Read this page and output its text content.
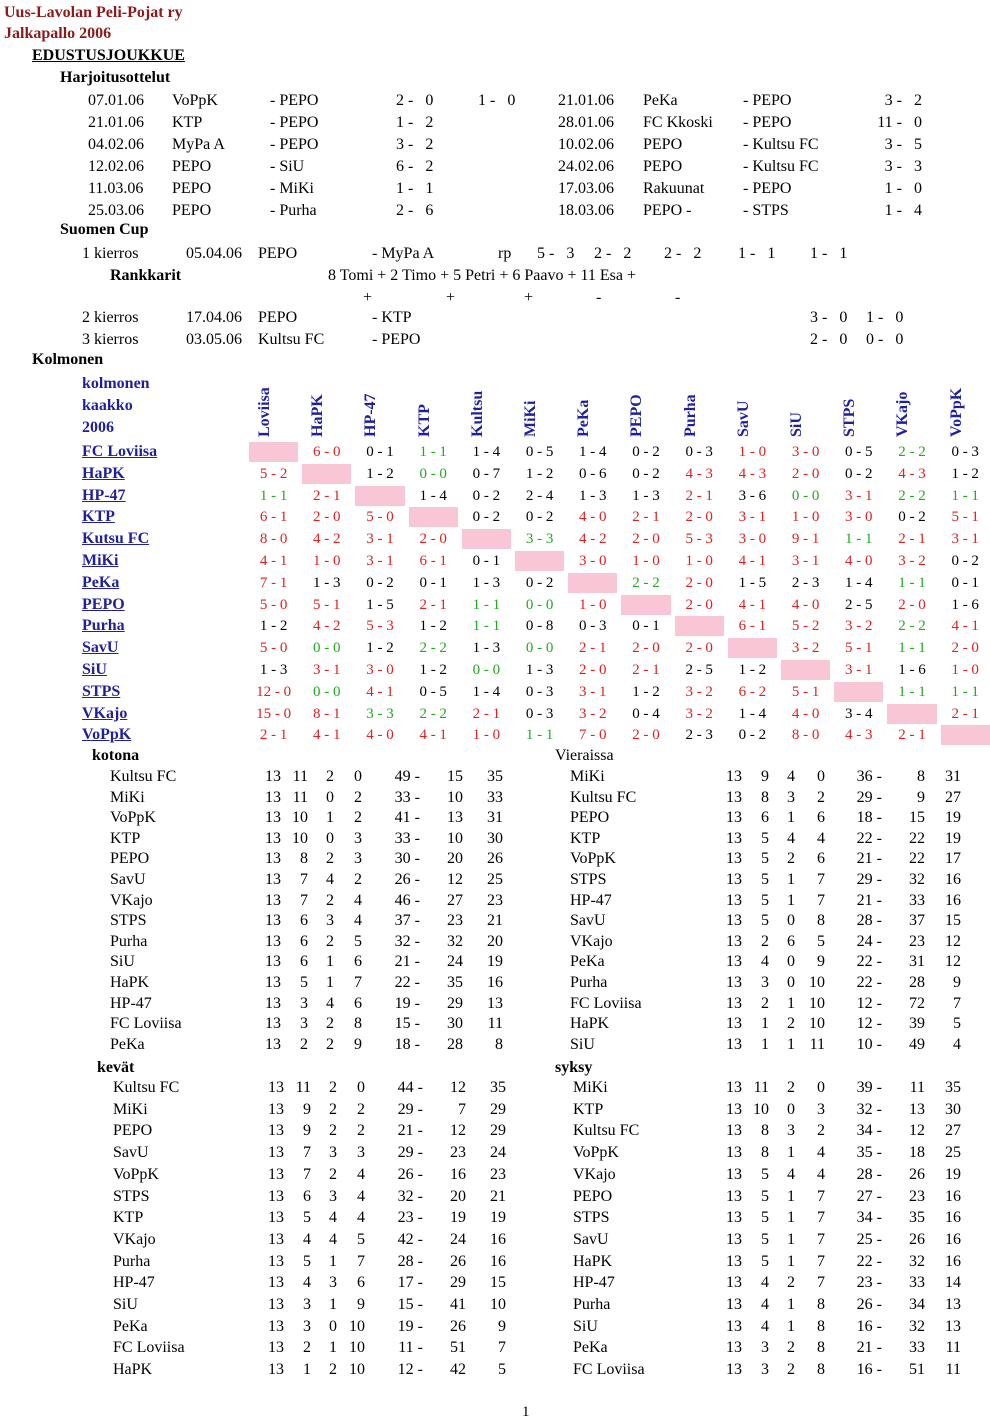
Uus-Lavolan Peli-Pojat ry
Jalkapallo 2006
EDUSTUSJOUKKUE
Harjoitusottelut
07.01.06 VoPpK	- PEPO	2 -   0	1 -   0
21.01.06 KTP	- PEPO	1 -   2
04.02.06 MyPa A	- PEPO	3 -   2
12.02.06 PEPO	- SiU	6 -   2
11.03.06 PEPO	- MiKi	1 -   1
25.03.06 PEPO	- Purha	2 -   6
21.01.06 PeKa	- PEPO	3 -   2
28.01.06 FC Kkoski - PEPO	11 -   0
10.02.06 PEPO	- Kultsu FC	3 -   5
24.02.06 PEPO	- Kultsu FC	3 -   3
17.03.06 Rakuunat - PEPO	1 -   0
18.03.06 PEPO -	- STPS	1 -   4
Suomen Cup
1 kierros	05.04.06 PEPO	- MyPa A	rp 5 -   3 2 -   2 2 -   2 1 -   1 1 -   1
Rankkarit	8 Tomi + 2 Timo + 5 Petri + 6 Paavo + 11 Esa +
+	+	+	-	-
2 kierros	17.04.06 PEPO	- KTP	3 -   0 1 -   0
3 kierros	03.05.06 Kultsu FC	- PEPO	2 -   0 0 -   0
Kolmonen
kolmonen
kaakko
2006	Loviisa HaPK HP-47 KTP Kultsu MiKi PeKa PEPO Purha SavU SiU STPS VKajo VoPpK
FC Loviisa	6 - 0	0 - 1	1 - 1	1 - 4	0 - 5	1 - 4	0 - 2	0 - 3	1 - 0	3 - 0	0 - 5	2 - 2	0 - 3
HaPK	5 - 2	1 - 2	0 - 0	0 - 7	1 - 2	0 - 6	0 - 2	4 - 3	4 - 3	2 - 0	0 - 2	4 - 3	1 - 2
HP-47	1 - 1	2 - 1	1 - 4	0 - 2	2 - 4	1 - 3	1 - 3	2 - 1	3 - 6	0 - 0	3 - 1	2 - 2	1 - 1
KTP	6 - 1	2 - 0	5 - 0	0 - 2	0 - 2	4 - 0	2 - 1	2 - 0	3 - 1	1 - 0	3 - 0	0 - 2	5 - 1
Kutsu FC	8 - 0	4 - 2	3 - 1	2 - 0	3 - 3	4 - 2	2 - 0	5 - 3	3 - 0	9 - 1	1 - 1	2 - 1	3 - 1
MiKi	4 - 1	1 - 0	3 - 1	6 - 1	0 - 1	3 - 0	1 - 0	1 - 0	4 - 1	3 - 1	4 - 0	3 - 2	0 - 2
PeKa	7 - 1	1 - 3	0 - 2	0 - 1	1 - 3	0 - 2	2 - 2	2 - 0	1 - 5	2 - 3	1 - 4	1 - 1	0 - 1
PEPO	5 - 0	5 - 1	1 - 5	2 - 1	1 - 1	0 - 0	1 - 0	2 - 0	4 - 1	4 - 0	2 - 5	2 - 0	1 - 6
Purha	1 - 2	4 - 2	5 - 3	1 - 2	1 - 1	0 - 8	0 - 3	0 - 1	6 - 1	5 - 2	3 - 2	2 - 2	4 - 1
SavU	5 - 0	0 - 0	1 - 2	2 - 2	1 - 3	0 - 0	2 - 1	2 - 0	2 - 0	3 - 2	5 - 1	1 - 1	2 - 0
SiU	1 - 3	3 - 1	3 - 0	1 - 2	0 - 0	1 - 3	2 - 0	2 - 1	2 - 5	1 - 2	3 - 1	1 - 6	1 - 0
STPS	12 - 0	0 - 0	4 - 1	0 - 5	1 - 4	0 - 3	3 - 1	1 - 2	3 - 2	6 - 2	5 - 1	1 - 1	1 - 1
VKajo	15 - 0	8 - 1	3 - 3	2 - 2	2 - 1	0 - 3	3 - 2	0 - 4	3 - 2	1 - 4	4 - 0	3 - 4	2 - 1
VoPpK	2 - 1	4 - 1	4 - 0	4 - 1	1 - 0	1 - 1	7 - 0	2 - 0	2 - 3	0 - 2	8 - 0	4 - 3	2 - 1
kotona	Vieraissa
kevät	syksy
Kultsu FC	13 11	2	0	49 -	15	35
MiKi	13 11	0	2	33 -	10	33
VoPpK	13 10	1	2	41 -	13	31
KTP	13 10	0	3	33 -	10	30
PEPO	13	8	2	3	30 -	20	26
SavU	13	7	4	2	26 -	12	25
VKajo	13	7	2	4	46 -	27	23
STPS	13	6	3	4	37 -	23	21
Purha	13	6	2	5	32 -	32	20
SiU	13	6	1	6	21 -	24	19
HaPK	13	5	1	7	22 -	35	16
HP-47	13	3	4	6	19 -	29	13
FC Loviisa	13	3	2	8	15 -	30	11
PeKa	13	2	2	9	18 -	28	8
MiKi	13	9	4	0	36 -	8	31
Kultsu FC	13	8	3	2	29 -	9	27
PEPO	13	6	1	6	18 -	15	19
KTP	13	5	4	4	22 -	22	19
VoPpK	13	5	2	6	21 -	22	17
STPS	13	5	1	7	29 -	32	16
HP-47	13	5	1	7	21 -	33	16
SavU	13	5	0	8	28 -	37	15
VKajo	13	2	6	5	24 -	23	12
PeKa	13	4	0	9	22 -	31	12
Purha	13	3	0 10	22 -	28	9
FC Loviisa	13	2	1 10	12 -	72	7
HaPK	13	1	2 10	12 -	39	5
SiU	13	1	1 11	10 -	49	4
Kultsu FC	13 11	2	0	44 -	12	35
MiKi	13	9	2	2	29 -	7	29
PEPO	13	9	2	2	21 -	12	29
SavU	13	7	3	3	29 -	23	24
VoPpK	13	7	2	4	26 -	16	23
STPS	13	6	3	4	32 -	20	21
KTP	13	5	4	4	23 -	19	19
VKajo	13	4	4	5	42 -	24	16
Purha	13	5	1	7	28 -	26	16
HP-47	13	4	3	6	17 -	29	15
SiU	13	3	1	9	15 -	41	10
PeKa	13	3	0 10	19 -	26	9
FC Loviisa	13	2	1 10	11 -	51	7
HaPK	13	1	2 10	12 -	42	5
MiKi	13 11	2	0	39 -	11	35
KTP	13 10	0	3	32 -	13	30
Kultsu FC	13	8	3	2	34 -	12	27
VoPpK	13	8	1	4	35 -	18	25
VKajo	13	5	4	4	28 -	26	19
PEPO	13	5	1	7	27 -	23	16
STPS	13	5	1	7	34 -	35	16
SavU	13	5	1	7	25 -	26	16
HaPK	13	5	1	7	22 -	32	16
HP-47	13	4	2	7	23 -	33	14
Purha	13	4	1	8	26 -	34	13
SiU	13	4	1	8	16 -	32	13
PeKa	13	3	2	8	21 -	33	11
FC Loviisa	13	3	2	8	16 -	51	11
1
